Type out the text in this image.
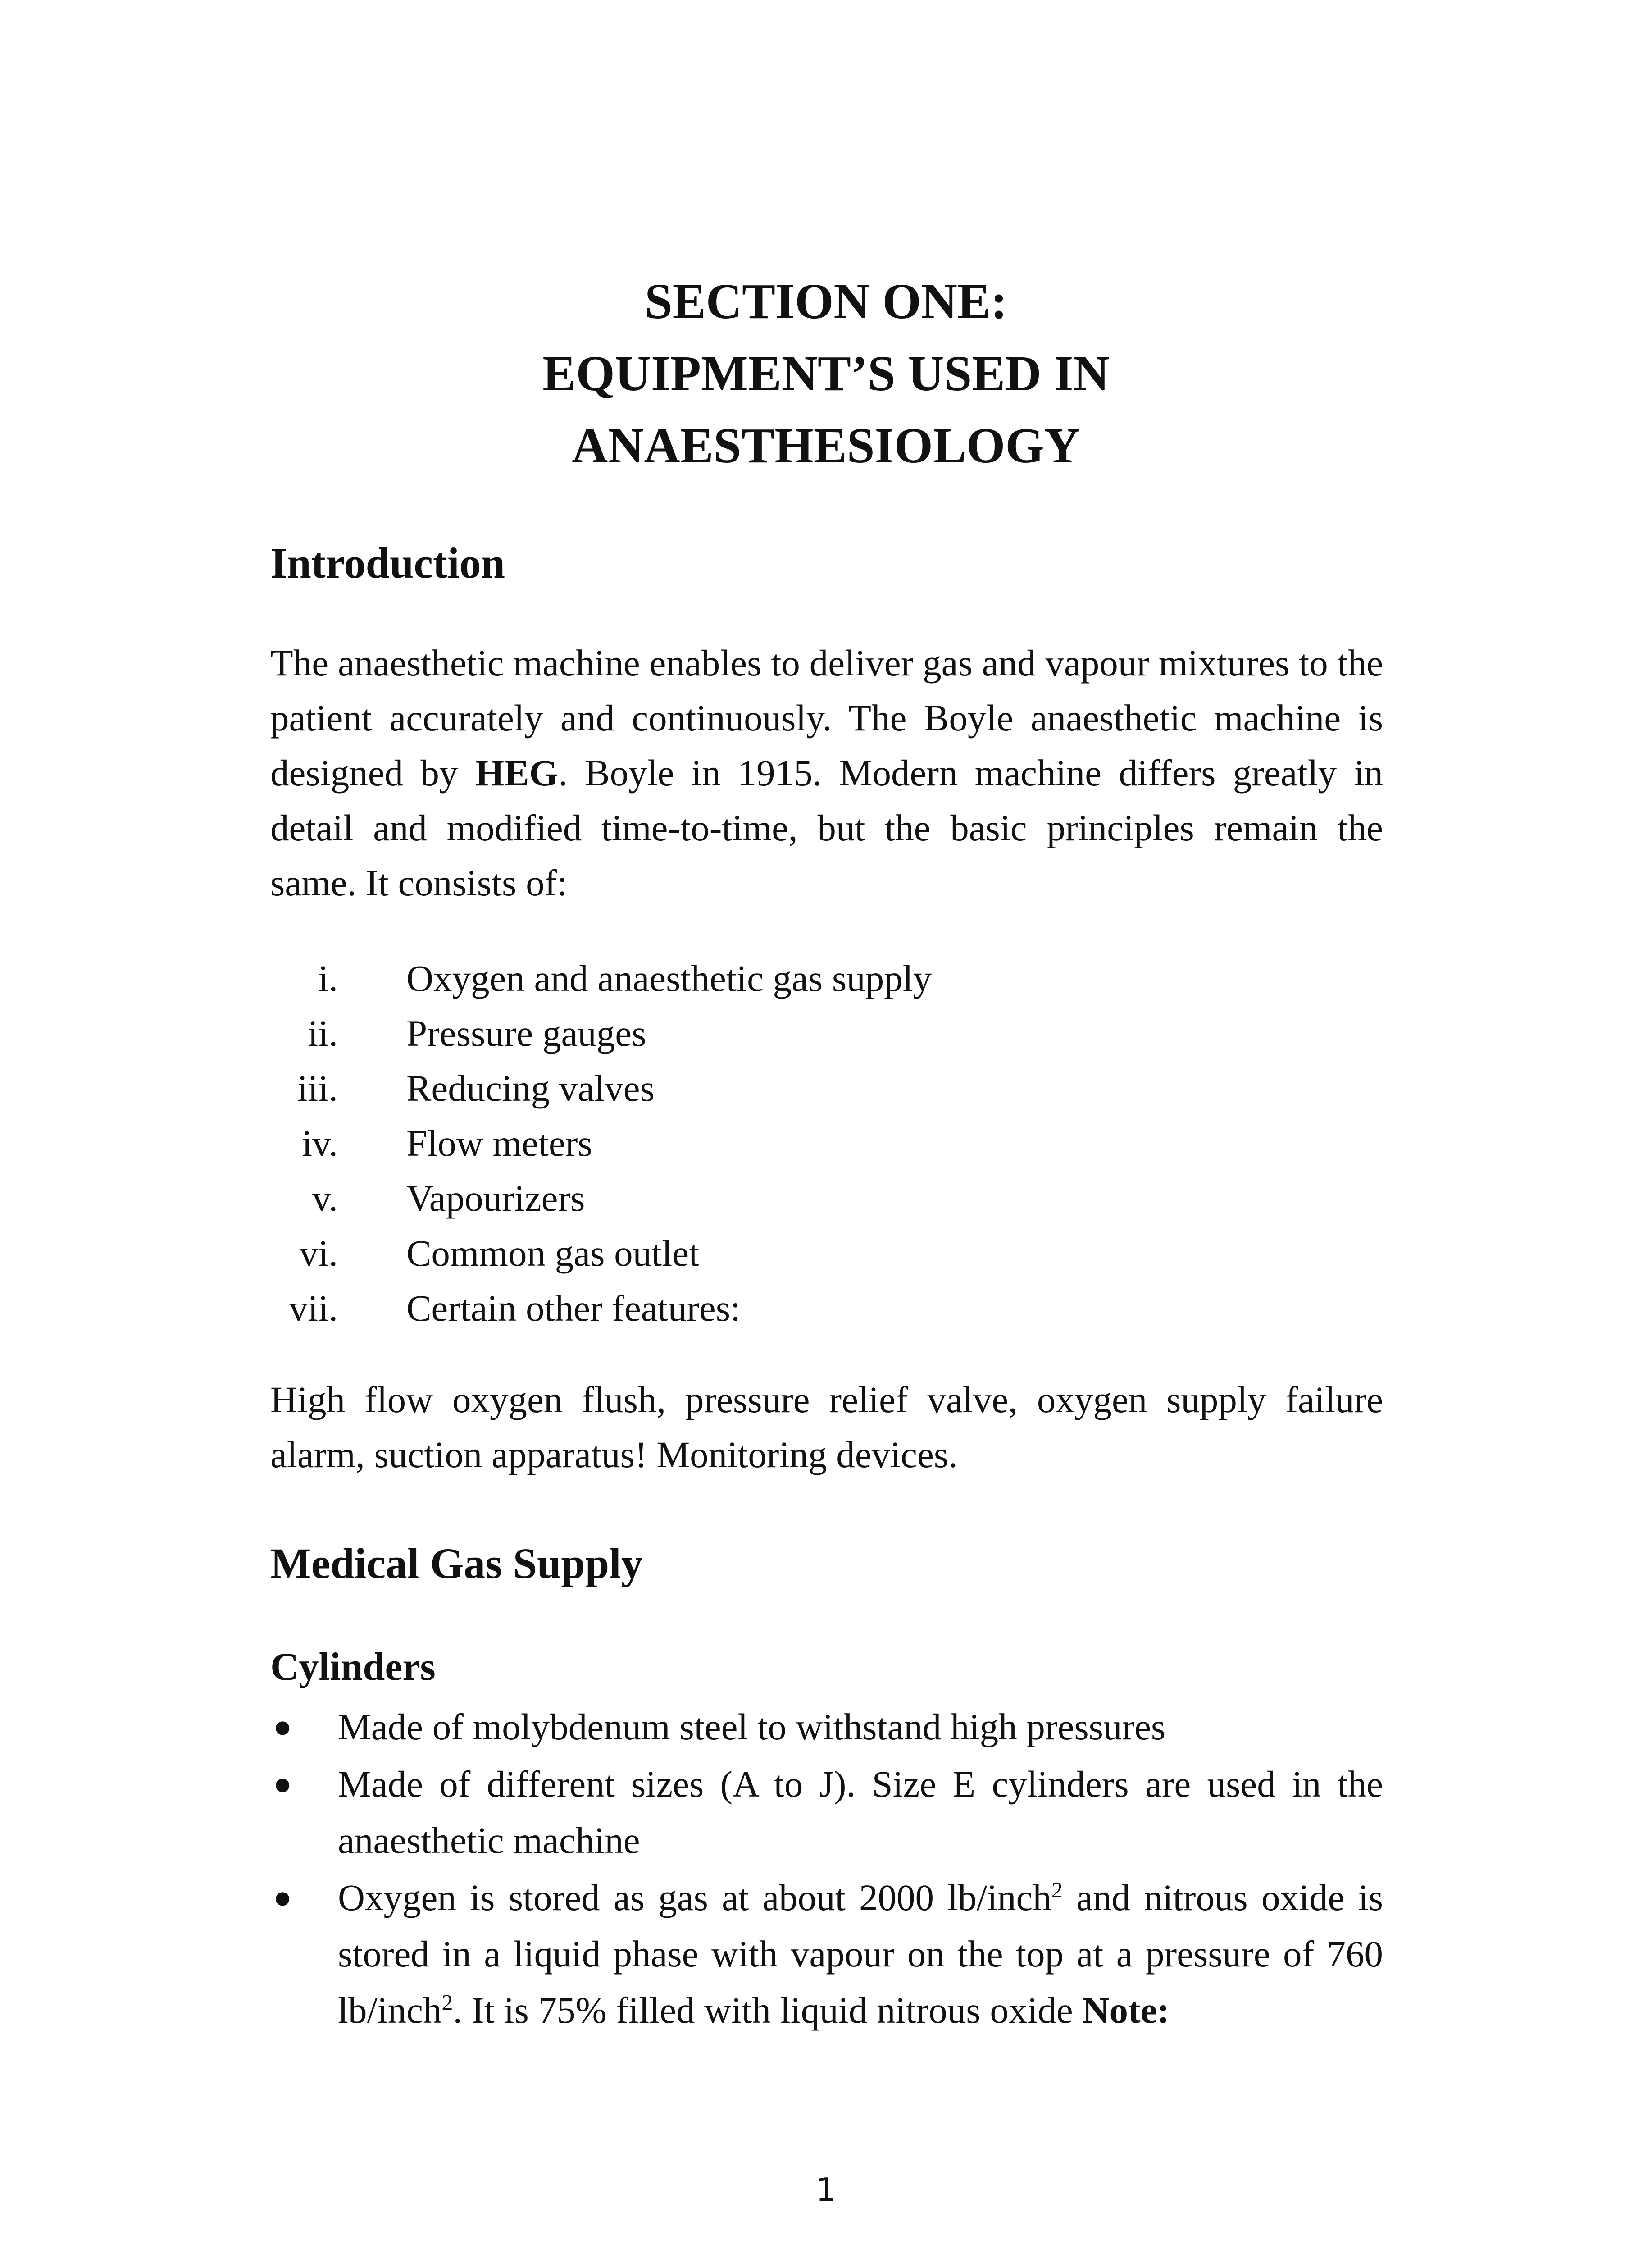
SECTION ONE:
EQUIPMENT’S USED IN
ANAESTHESIOLOGY
Introduction
The anaesthetic machine enables to deliver gas and vapour mixtures to the patient accurately and continuously. The Boyle anaesthetic machine is designed by HEG. Boyle in 1915. Modern machine differs greatly in detail and modified time-to-time, but the basic principles remain the same. It consists of:
i. Oxygen and anaesthetic gas supply
ii. Pressure gauges
iii. Reducing valves
iv. Flow meters
v. Vapourizers
vi. Common gas outlet
vii. Certain other features:
High flow oxygen flush, pressure relief valve, oxygen supply failure alarm, suction apparatus! Monitoring devices.
Medical Gas Supply
Cylinders
● Made of molybdenum steel to withstand high pressures
● Made of different sizes (A to J). Size E cylinders are used in the anaesthetic machine
● Oxygen is stored as gas at about 2000 lb/inch$^2$ and nitrous oxide is stored in a liquid phase with vapour on the top at a pressure of 760 lb/inch$^2$. It is 75% filled with liquid nitrous oxide Note:
1
